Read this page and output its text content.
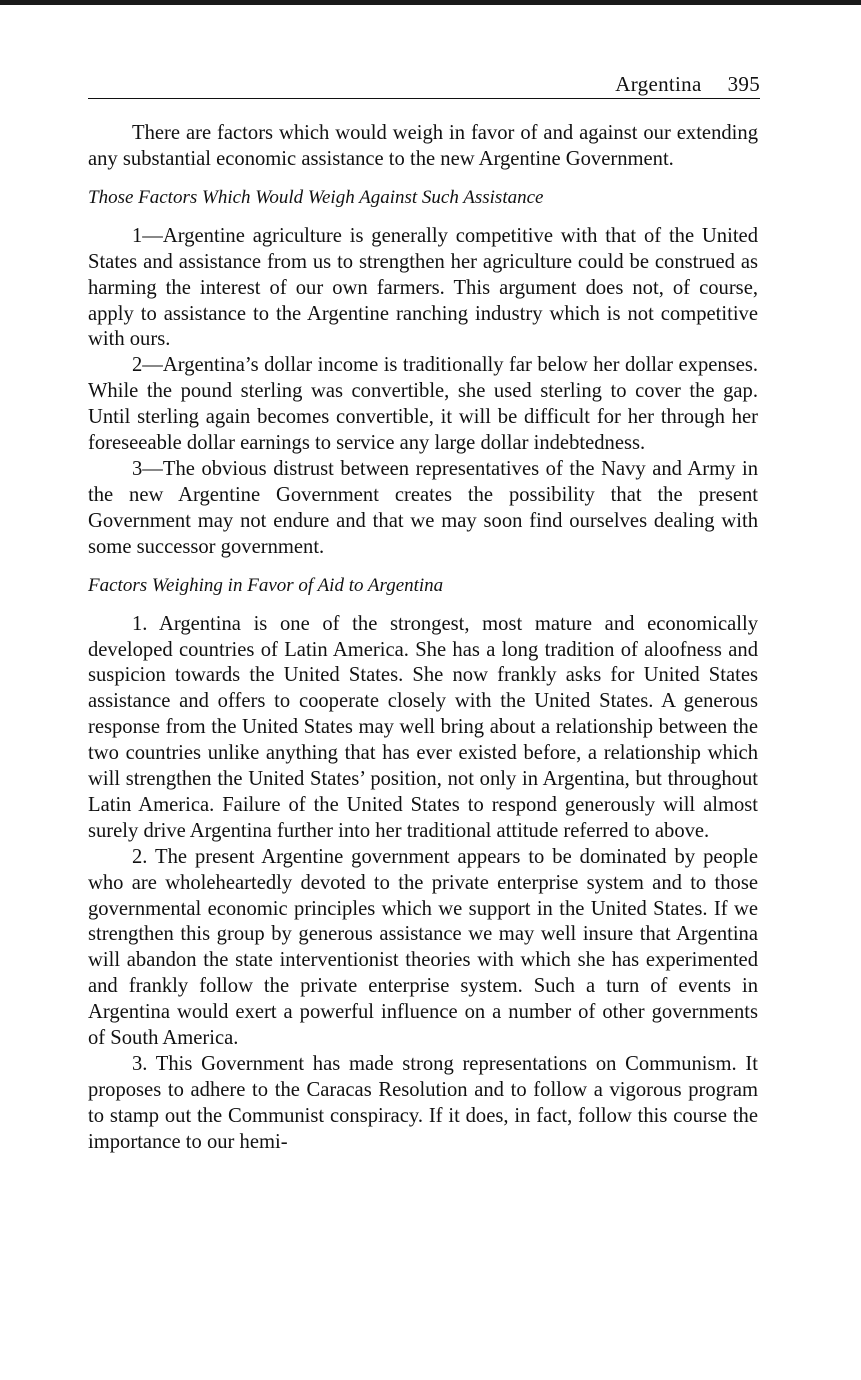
Argentina 395

There are factors which would weigh in favor of and against our extending any substantial economic assistance to the new Argentine Government.

Those Factors Which Would Weigh Against Such Assistance

1—Argentine agriculture is generally competitive with that of the United States and assistance from us to strengthen her agriculture could be construed as harming the interest of our own farmers. This argument does not, of course, apply to assistance to the Argentine ranching industry which is not competitive with ours.

2—Argentina’s dollar income is traditionally far below her dollar expenses. While the pound sterling was convertible, she used sterling to cover the gap. Until sterling again becomes convertible, it will be difficult for her through her foreseeable dollar earnings to service any large dollar indebtedness.

3—The obvious distrust between representatives of the Navy and Army in the new Argentine Government creates the possibility that the present Government may not endure and that we may soon find ourselves dealing with some successor government.

Factors Weighing in Favor of Aid to Argentina

1. Argentina is one of the strongest, most mature and economically developed countries of Latin America. She has a long tradition of aloofness and suspicion towards the United States. She now frankly asks for United States assistance and offers to cooperate closely with the United States. A generous response from the United States may well bring about a relationship between the two countries unlike anything that has ever existed before, a relationship which will strengthen the United States’ position, not only in Argentina, but throughout Latin America. Failure of the United States to respond generously will almost surely drive Argentina further into her traditional attitude referred to above.

2. The present Argentine government appears to be dominated by people who are wholeheartedly devoted to the private enterprise system and to those governmental economic principles which we support in the United States. If we strengthen this group by generous assistance we may well insure that Argentina will abandon the state interventionist theories with which she has experimented and frankly follow the private enterprise system. Such a turn of events in Argentina would exert a powerful influence on a number of other governments of South America.

3. This Government has made strong representations on Communism. It proposes to adhere to the Caracas Resolution and to follow a vigorous program to stamp out the Communist conspiracy. If it does, in fact, follow this course the importance to our hemi-
